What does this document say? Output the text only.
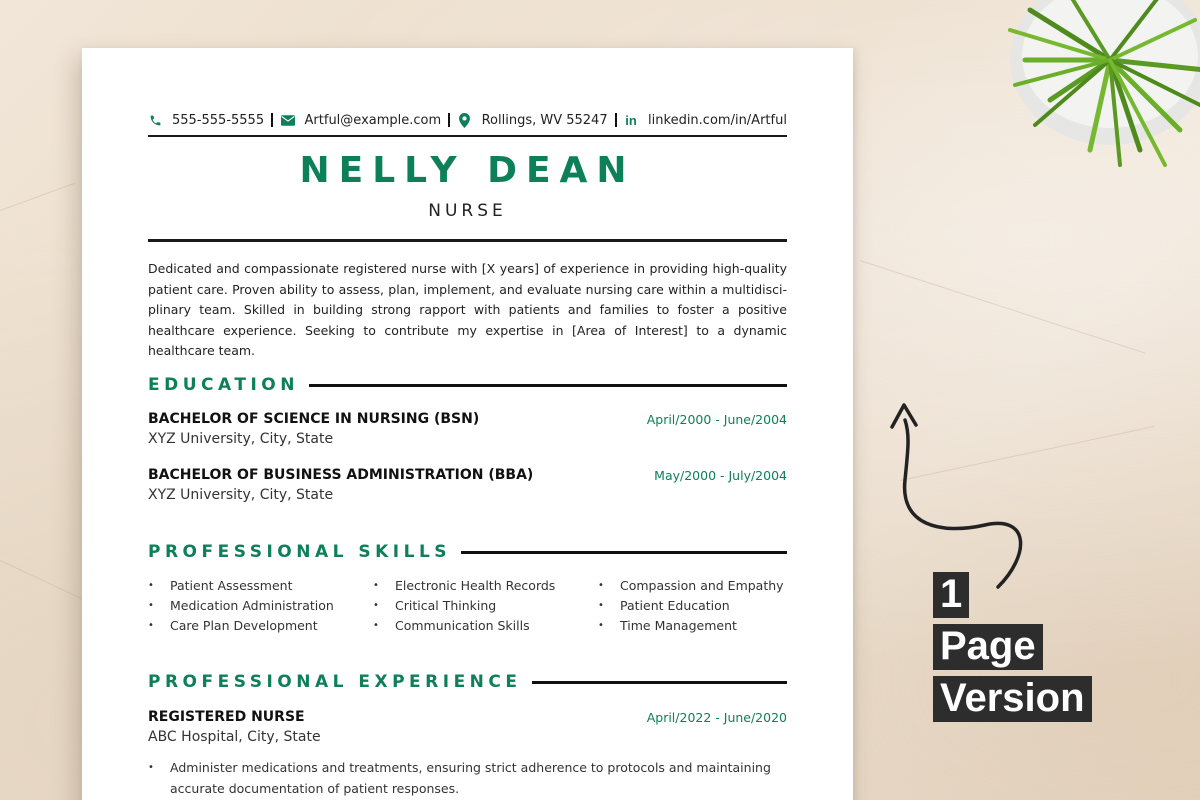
555-555-5555	Artful@example.com	Rollings, WV 55247 in linkedin.com/in/Artful
NELLY DEAN
NURSE

Dedicated and compassionate registered nurse with [X years] of experience in providing high-quality patient care. Proven ability to assess, plan, implement, and evaluate nursing care within a multidisci-plinary team. Skilled in building strong rapport with patients and families to foster a positive healthcare experience. Seeking to contribute my expertise in [Area of Interest] to a dynamic healthcare team.

EDUCATION
BACHELOR OF SCIENCE IN NURSING (BSN)
XYZ University, City, State
April/2000 - June/2004
BACHELOR OF BUSINESS ADMINISTRATION (BBA)
XYZ University, City, State
May/2000 - July/2004
PROFESSIONAL SKILLS
•	Patient Assessment	•	Electronic Health Records	•	Compassion and Empathy
•	Medication Administration	•	Critical Thinking	•	Patient Education
•	Care Plan Development	•	Communication Skills	•	Time Management
PROFESSIONAL EXPERIENCE
REGISTERED NURSE
ABC Hospital, City, State
April/2022 - June/2020
•	Administer medications and treatments, ensuring strict adherence to protocols and maintaining accurate documentation of patient responses.
1
Page
Version
